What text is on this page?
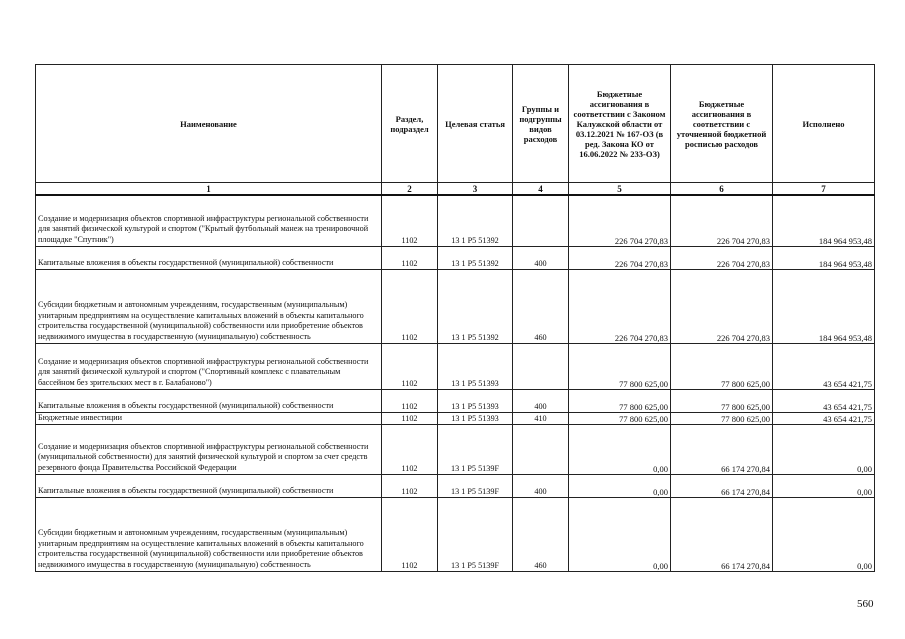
Наименование	Раздел, подраздел	Целевая статья	Группы и подгруппы видов расходов	Бюджетные ассигнования в соответствии с Законом Калужской области от 03.12.2021 № 167-ОЗ (в ред. Закона КО от 16.06.2022 № 233-ОЗ)	Бюджетные ассигнования в соответствии с уточненной бюджетной росписью расходов	Исполнено
1	2	3	4	5	6	7
Создание и модернизация объектов спортивной инфраструктуры региональной собственности для занятий физической культурой и спортом ("Крытый футбольный манеж на тренировочной площадке "Спутник")	1102	13 1 P5 51392		226 704 270,83	226 704 270,83	184 964 953,48
Капитальные вложения в объекты государственной (муниципальной) собственности	1102	13 1 P5 51392	400	226 704 270,83	226 704 270,83	184 964 953,48
Субсидии бюджетным и автономным учреждениям, государственным (муниципальным) унитарным предприятиям на осуществление капитальных вложений в объекты капитального строительства государственной (муниципальной) собственности или приобретение объектов недвижимого имущества в государственную (муниципальную) собственность	1102	13 1 P5 51392	460	226 704 270,83	226 704 270,83	184 964 953,48
Создание и модернизация объектов спортивной инфраструктуры региональной собственности для занятий физической культурой и спортом ("Спортивный комплекс с плавательным бассейном без зрительских мест в г. Балабаново")	1102	13 1 P5 51393		77 800 625,00	77 800 625,00	43 654 421,75
Капитальные вложения в объекты государственной (муниципальной) собственности	1102	13 1 P5 51393	400	77 800 625,00	77 800 625,00	43 654 421,75
Бюджетные инвестиции	1102	13 1 P5 51393	410	77 800 625,00	77 800 625,00	43 654 421,75
Создание и модернизация объектов спортивной инфраструктуры региональной собственности (муниципальной собственности) для занятий физической культурой и спортом за счет средств резервного фонда Правительства Российской Федерации	1102	13 1 P5 5139F		0,00	66 174 270,84	0,00
Капитальные вложения в объекты государственной (муниципальной) собственности	1102	13 1 P5 5139F	400	0,00	66 174 270,84	0,00
Субсидии бюджетным и автономным учреждениям, государственным (муниципальным) унитарным предприятиям на осуществление капитальных вложений в объекты капитального строительства государственной (муниципальной) собственности или приобретение объектов недвижимого имущества в государственную (муниципальную) собственность	1102	13 1 P5 5139F	460	0,00	66 174 270,84	0,00
560
